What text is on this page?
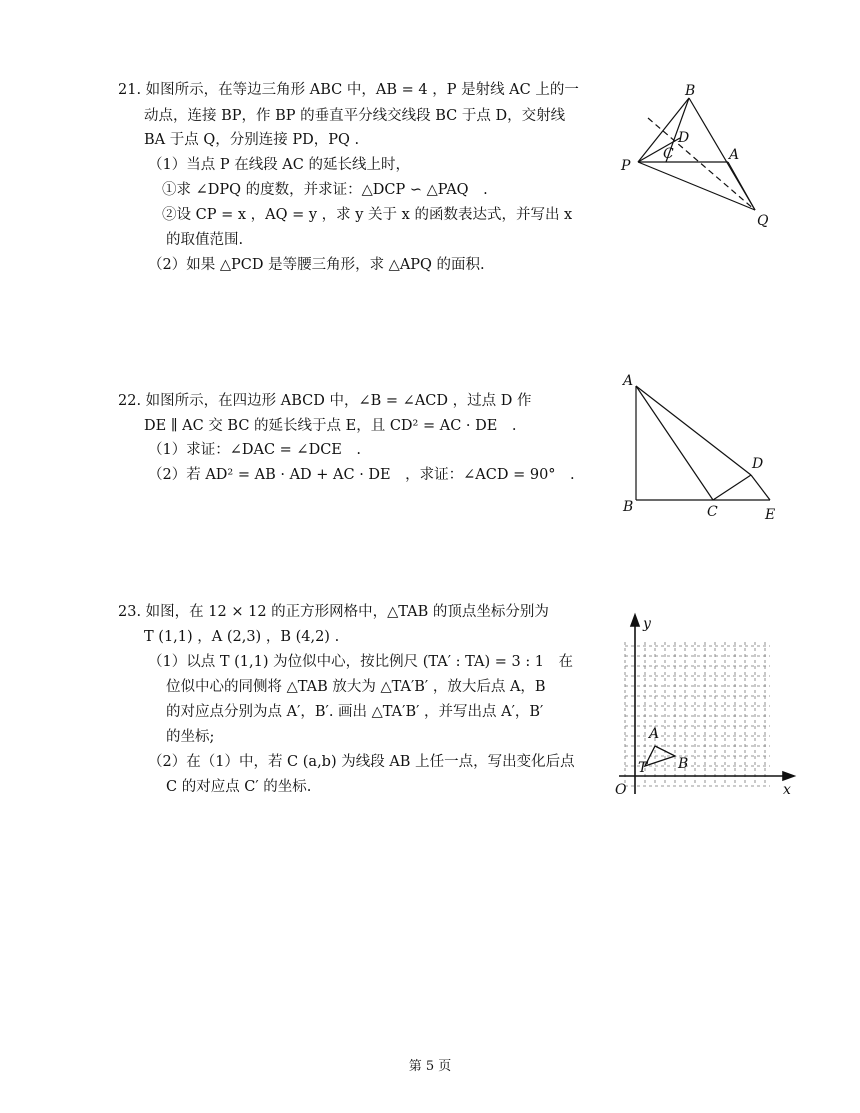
21. 如图所示，在等边三角形 ABC 中，AB = 4 ，P 是射线 AC 上的一
动点，连接 BP，作 BP 的垂直平分线交线段 BC 于点 D，交射线
BA 于点 Q，分别连接 PD，PQ .
（1）当点 P 在线段 AC 的延长线上时，
①求 ∠DPQ 的度数，并求证：△DCP ∽ △PAQ　.
②设 CP = x ，AQ = y ，求 y 关于 x 的函数表达式，并写出 x
的取值范围.
（2）如果 △PCD 是等腰三角形，求 △APQ 的面积.
B
D
C	A
P
Q
22. 如图所示，在四边形 ABCD 中，∠B = ∠ACD ，过点 D 作
DE ∥ AC 交 BC 的延长线于点 E，且 CD² = AC · DE　.
（1）求证：∠DAC = ∠DCE　.
（2）若 AD² = AB · AD + AC · DE　，求证：∠ACD = 90°　.
A
D
B	C	E
23. 如图，在 12 × 12 的正方形网格中，△TAB 的顶点坐标分别为
T (1,1) ，A (2,3) ，B (4,2) .
（1）以点 T (1,1) 为位似中心，按比例尺 (TA′ : TA) = 3 : 1　在
位似中心的同侧将 △TAB 放大为 △TA′B′ ，放大后点 A，B
的对应点分别为点 A′，B′. 画出 △TA′B′ ，并写出点 A′，B′
的坐标;
（2）在（1）中，若 C (a,b) 为线段 AB 上任一点，写出变化后点
C 的对应点 C′ 的坐标.
y
x
O
A
B
T
第 5 页
